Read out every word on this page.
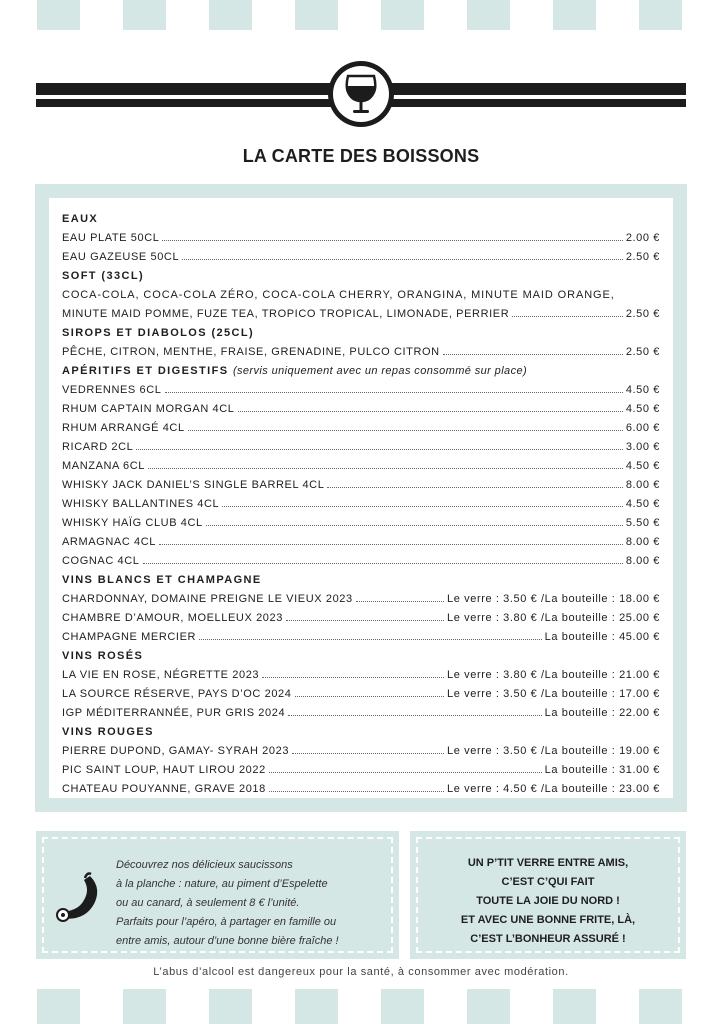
LA CARTE DES BOISSONS
EAUX
EAU PLATE 50CL	2.00 €
EAU GAZEUSE 50CL	2.50 €
SOFT (33CL)
COCA-COLA, COCA-COLA ZÉRO, COCA-COLA CHERRY, ORANGINA, MINUTE MAID ORANGE,
MINUTE MAID POMME, FUZE TEA, TROPICO TROPICAL, LIMONADE, PERRIER	2.50 €
SIROPS ET DIABOLOS (25CL)
PÊCHE, CITRON, MENTHE, FRAISE, GRENADINE, PULCO CITRON	2.50 €
APÉRITIFS ET DIGESTIFS (servis uniquement avec un repas consommé sur place)
VEDRENNES 6CL	4.50 €
RHUM CAPTAIN MORGAN 4CL	4.50 €
RHUM ARRANGÉ 4CL	6.00 €
RICARD 2CL	3.00 €
MANZANA 6CL	4.50 €
WHISKY JACK DANIEL’S SINGLE BARREL 4CL	8.00 €
WHISKY BALLANTINES 4CL	4.50 €
WHISKY HAÏG CLUB 4CL	5.50 €
ARMAGNAC 4CL	8.00 €
COGNAC 4CL	8.00 €
VINS BLANCS ET CHAMPAGNE
CHARDONNAY, DOMAINE PREIGNE LE VIEUX 2023	Le verre : 3.50 € / La bouteille : 18.00 €
CHAMBRE D’AMOUR, MOELLEUX 2023	Le verre : 3.80 € / La bouteille : 25.00 €
CHAMPAGNE MERCIER	La bouteille : 45.00 €
VINS ROSÉS
LA VIE EN ROSE, NÉGRETTE 2023	Le verre : 3.80 € / La bouteille : 21.00 €
LA SOURCE RÉSERVE, PAYS D’OC 2024	Le verre : 3.50 € / La bouteille : 17.00 €
IGP MÉDITERRANNÉE, PUR GRIS 2024	La bouteille : 22.00 €
VINS ROUGES
PIERRE DUPOND, GAMAY- SYRAH 2023	Le verre : 3.50 € / La bouteille : 19.00 €
PIC SAINT LOUP, HAUT LIROU 2022	La bouteille : 31.00 €
CHATEAU POUYANNE, GRAVE 2018	Le verre : 4.50 € / La bouteille : 23.00 €
Découvrez nos délicieux saucissons
à la planche : nature, au piment d’Espelette
ou au canard, à seulement 8 € l’unité.
Parfaits pour l’apéro, à partager en famille ou
entre amis, autour d’une bonne bière fraîche !
UN P’TIT VERRE ENTRE AMIS,
C’EST C’QUI FAIT
TOUTE LA JOIE DU NORD !
ET AVEC UNE BONNE FRITE, LÀ,
C’EST L’BONHEUR ASSURÉ !
L’abus d’alcool est dangereux pour la santé, à consommer avec modération.
